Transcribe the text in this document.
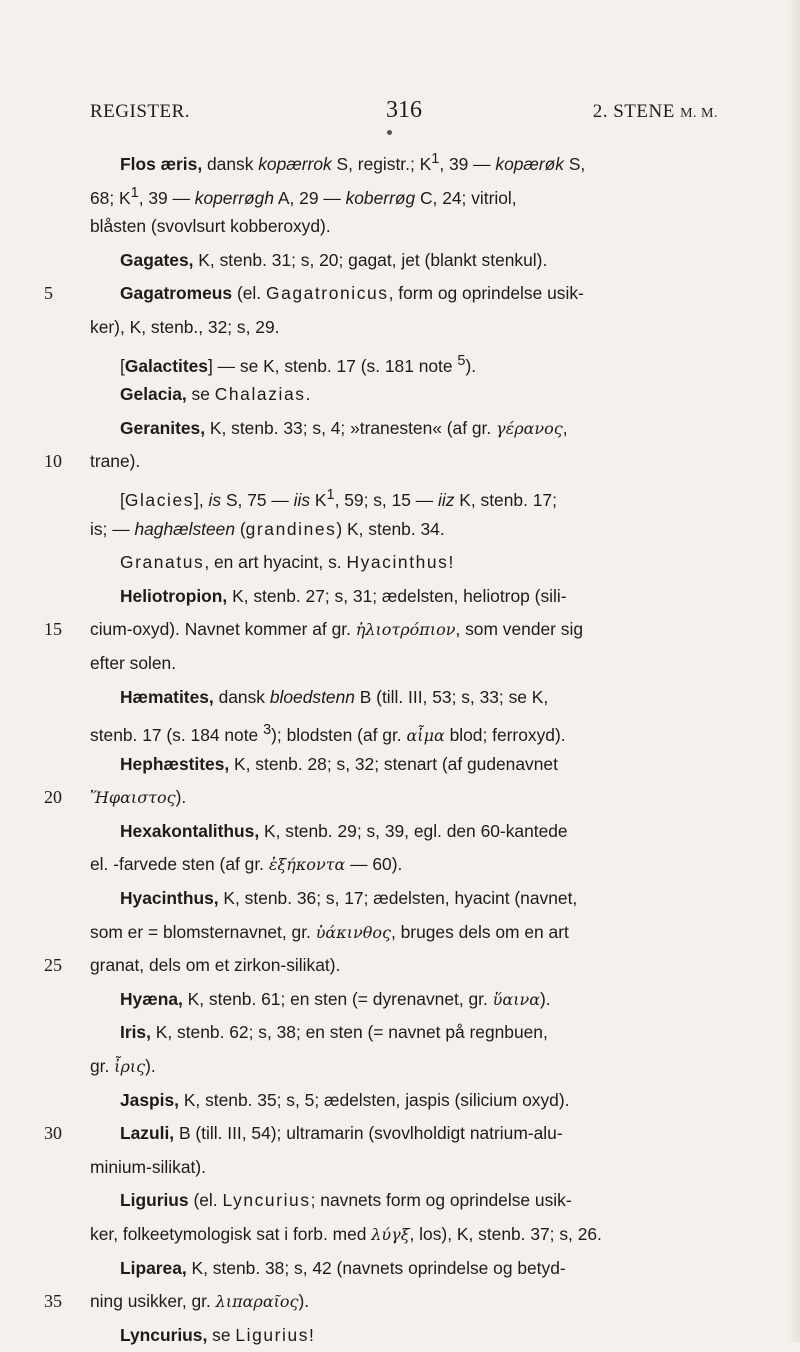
REGISTER.	316	2. STENE M. M.
Flos æris, dansk kopærrok S, registr.; $K^1$, 39 — kopærøk S,
68; $K^1$, 39 — koperrøgh A, 29 — koberrøg C, 24; vitriol,
blåsten (svovlsurt kobberoxyd).
Gagates, K, stenb. 31; s, 20; gagat, jet (blankt stenkul).
5	Gagatromeus (el. Gagatronicus, form og oprindelse usik-
ker), K, stenb., 32; s, 29.
[Galactites] — se K, stenb. 17 (s. 181 note $^5$).
Gelacia, se Chalazias.
Geranites, K, stenb. 33; s, 4; »tranesten« (af gr. γέρανος,
10	trane).
[Glacies], is S, 75 — iis $K^1$, 59; s, 15 — iiz K, stenb. 17;
is; — haghælsteen (grandines) K, stenb. 34.
Granatus, en art hyacint, s. Hyacinthus!
Heliotropion, K, stenb. 27; s, 31; ædelsten, heliotrop (sili-
15	cium-oxyd). Navnet kommer af gr. ἡλιοτρόπιον, som vender sig
efter solen.
Hæmatites, dansk bloedstenn B (till. III, 53; s, 33; se K,
stenb. 17 (s. 184 note $^3$); blodsten (af gr. αἷμα blod; ferroxyd).
Hephæstites, K, stenb. 28; s, 32; stenart (af gudenavnet
20	Ἥφαιστος).
Hexakontalithus, K, stenb. 29; s, 39, egl. den 60-kantede
el. -farvede sten (af gr. ἑξήκοντα — 60).
Hyacinthus, K, stenb. 36; s, 17; ædelsten, hyacint (navnet,
som er = blomsternavnet, gr. ὑάκινθος, bruges dels om en art
25	granat, dels om et zirkon-silikat).
Hyæna, K, stenb. 61; en sten (= dyrenavnet, gr. ὕαινα).
Iris, K, stenb. 62; s, 38; en sten (= navnet på regnbuen,
gr. ἶρις).
Jaspis, K, stenb. 35; s, 5; ædelsten, jaspis (silicium oxyd).
30	Lazuli, B (till. III, 54); ultramarin (svovlholdigt natrium-alu-
minium-silikat).
Ligurius (el. Lyncurius; navnets form og oprindelse usik-
ker, folkeetymologisk sat i forb. med λύγξ, los), K, stenb. 37; s, 26.
Liparea, K, stenb. 38; s, 42 (navnets oprindelse og betyd-
35	ning usikker, gr. λιπαραῖος).
Lyncurius, se Ligurius!
